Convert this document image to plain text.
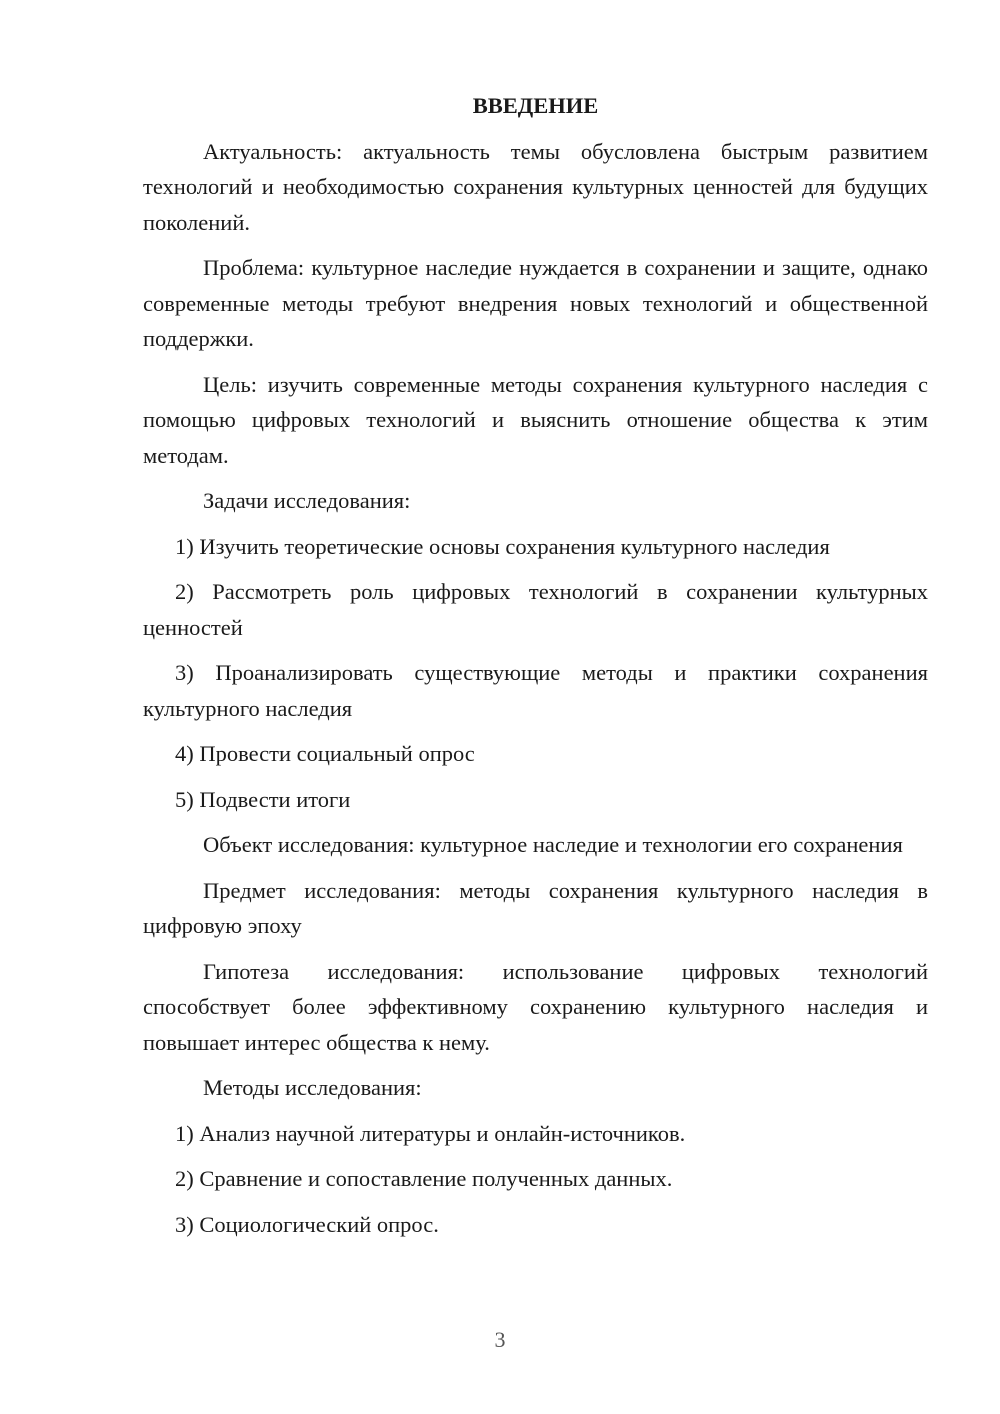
ВВЕДЕНИЕ

Актуальность: актуальность темы обусловлена быстрым развитием технологий и необходимостью сохранения культурных ценностей для будущих поколений.

Проблема: культурное наследие нуждается в сохранении и защите, однако современные методы требуют внедрения новых технологий и общественной поддержки.

Цель: изучить современные методы сохранения культурного наследия с помощью цифровых технологий и выяснить отношение общества к этим методам.

Задачи исследования:

1) Изучить теоретические основы сохранения культурного наследия

2) Рассмотреть роль цифровых технологий в сохранении культурных ценностей

3) Проанализировать существующие методы и практики сохранения культурного наследия

4) Провести социальный опрос

5) Подвести итоги

Объект исследования: культурное наследие и технологии его сохранения

Предмет исследования: методы сохранения культурного наследия в цифровую эпоху

Гипотеза исследования: использование цифровых технологий способствует более эффективному сохранению культурного наследия и повышает интерес общества к нему.

Методы исследования:

1) Анализ научной литературы и онлайн-источников.

2) Сравнение и сопоставление полученных данных.

3) Социологический опрос.

3
